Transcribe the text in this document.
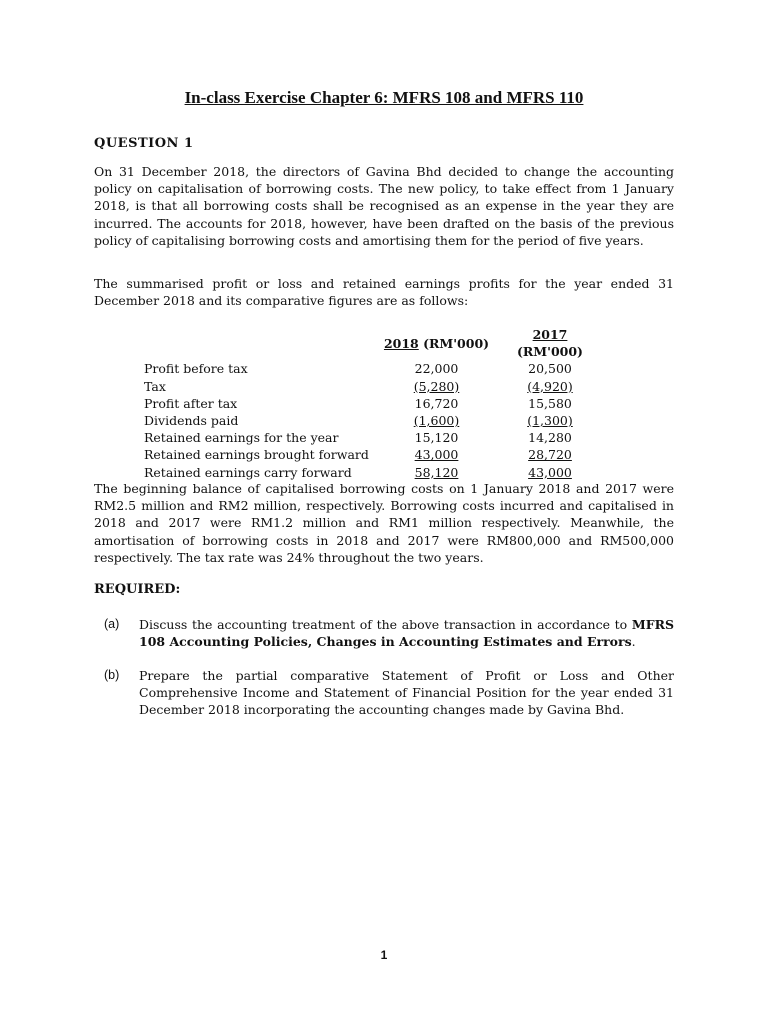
In-class Exercise Chapter 6: MFRS 108 and MFRS 110
QUESTION 1
On 31 December 2018, the directors of Gavina Bhd decided to change the accounting policy on capitalisation of borrowing costs. The new policy, to take effect from 1 January 2018, is that all borrowing costs shall be recognised as an expense in the year they are incurred. The accounts for 2018, however, have been drafted on the basis of the previous policy of capitalising borrowing costs and amortising them for the period of five years.
The summarised profit or loss and retained earnings profits for the year ended 31 December 2018 and its comparative figures are as follows:
	2018 (RM'000)	2017 (RM'000)
Profit before tax	22,000	20,500
Tax	(5,280)	(4,920)
Profit after tax	16,720	15,580
Dividends paid	(1,600)	(1,300)
Retained earnings for the year	15,120	14,280
Retained earnings brought forward	43,000	28,720
Retained earnings carry forward	58,120	43,000
The beginning balance of capitalised borrowing costs on 1 January 2018 and 2017 were RM2.5 million and RM2 million, respectively. Borrowing costs incurred and capitalised in 2018 and 2017 were RM1.2 million and RM1 million respectively. Meanwhile, the amortisation of borrowing costs in 2018 and 2017 were RM800,000 and RM500,000 respectively. The tax rate was 24% throughout the two years.
REQUIRED:
(a) Discuss the accounting treatment of the above transaction in accordance to MFRS 108 Accounting Policies, Changes in Accounting Estimates and Errors.
(b) Prepare the partial comparative Statement of Profit or Loss and Other Comprehensive Income and Statement of Financial Position for the year ended 31 December 2018 incorporating the accounting changes made by Gavina Bhd.
1
